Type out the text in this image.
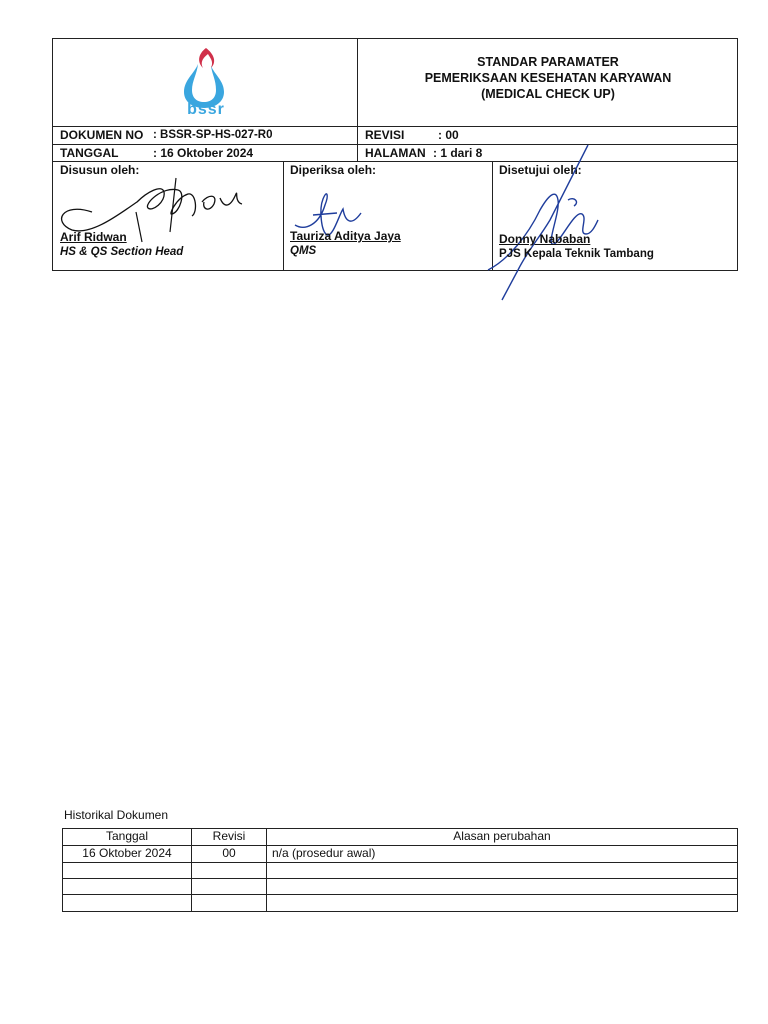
bssr
STANDAR PARAMATER
PEMERIKSAAN KESEHATAN KARYAWAN
(MEDICAL CHECK UP)
DOKUMEN NO : BSSR-SP-HS-027-R0	REVISI	: 00
TANGGAL	: 16 Oktober 2024	HALAMAN : 1 dari 8
Disusun oleh:
Arif Ridwan
HS & QS Section Head
Diperiksa oleh:
Tauriza Aditya Jaya
QMS
Disetujui oleh:
Donny Nababan
PJS Kepala Teknik Tambang
Historikal Dokumen
Tanggal	Revisi	Alasan perubahan
16 Oktober 2024	00	n/a (prosedur awal)
